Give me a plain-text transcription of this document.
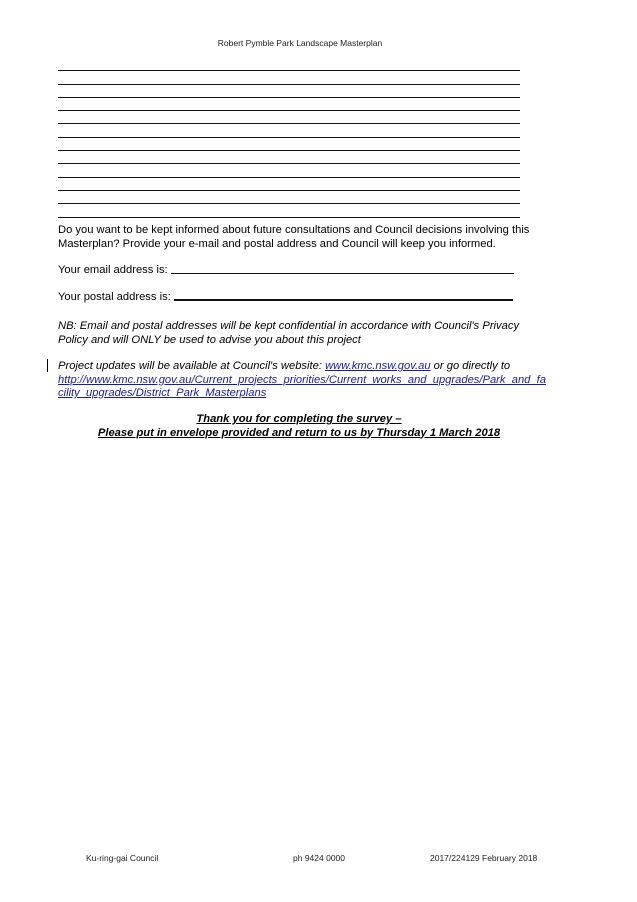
Robert Pymble Park Landscape Masterplan
Do you want to be kept informed about future consultations and Council decisions involving this Masterplan? Provide your e-mail and postal address and Council will keep you informed.
Your email address is:
Your postal address is:
NB: Email and postal addresses will be kept confidential in accordance with Council's Privacy Policy and will ONLY be used to advise you about this project
Project updates will be available at Council's website: www.kmc.nsw.gov.au or go directly to
http://www.kmc.nsw.gov.au/Current_projects_priorities/Current_works_and_upgrades/Park_and_facility_upgrades/District_Park_Masterplans
Thank you for completing the survey –
Please put in envelope provided and return to us by Thursday 1 March 2018
Ku-ring-gai Council	ph 9424 0000	2017/224129 February 2018
